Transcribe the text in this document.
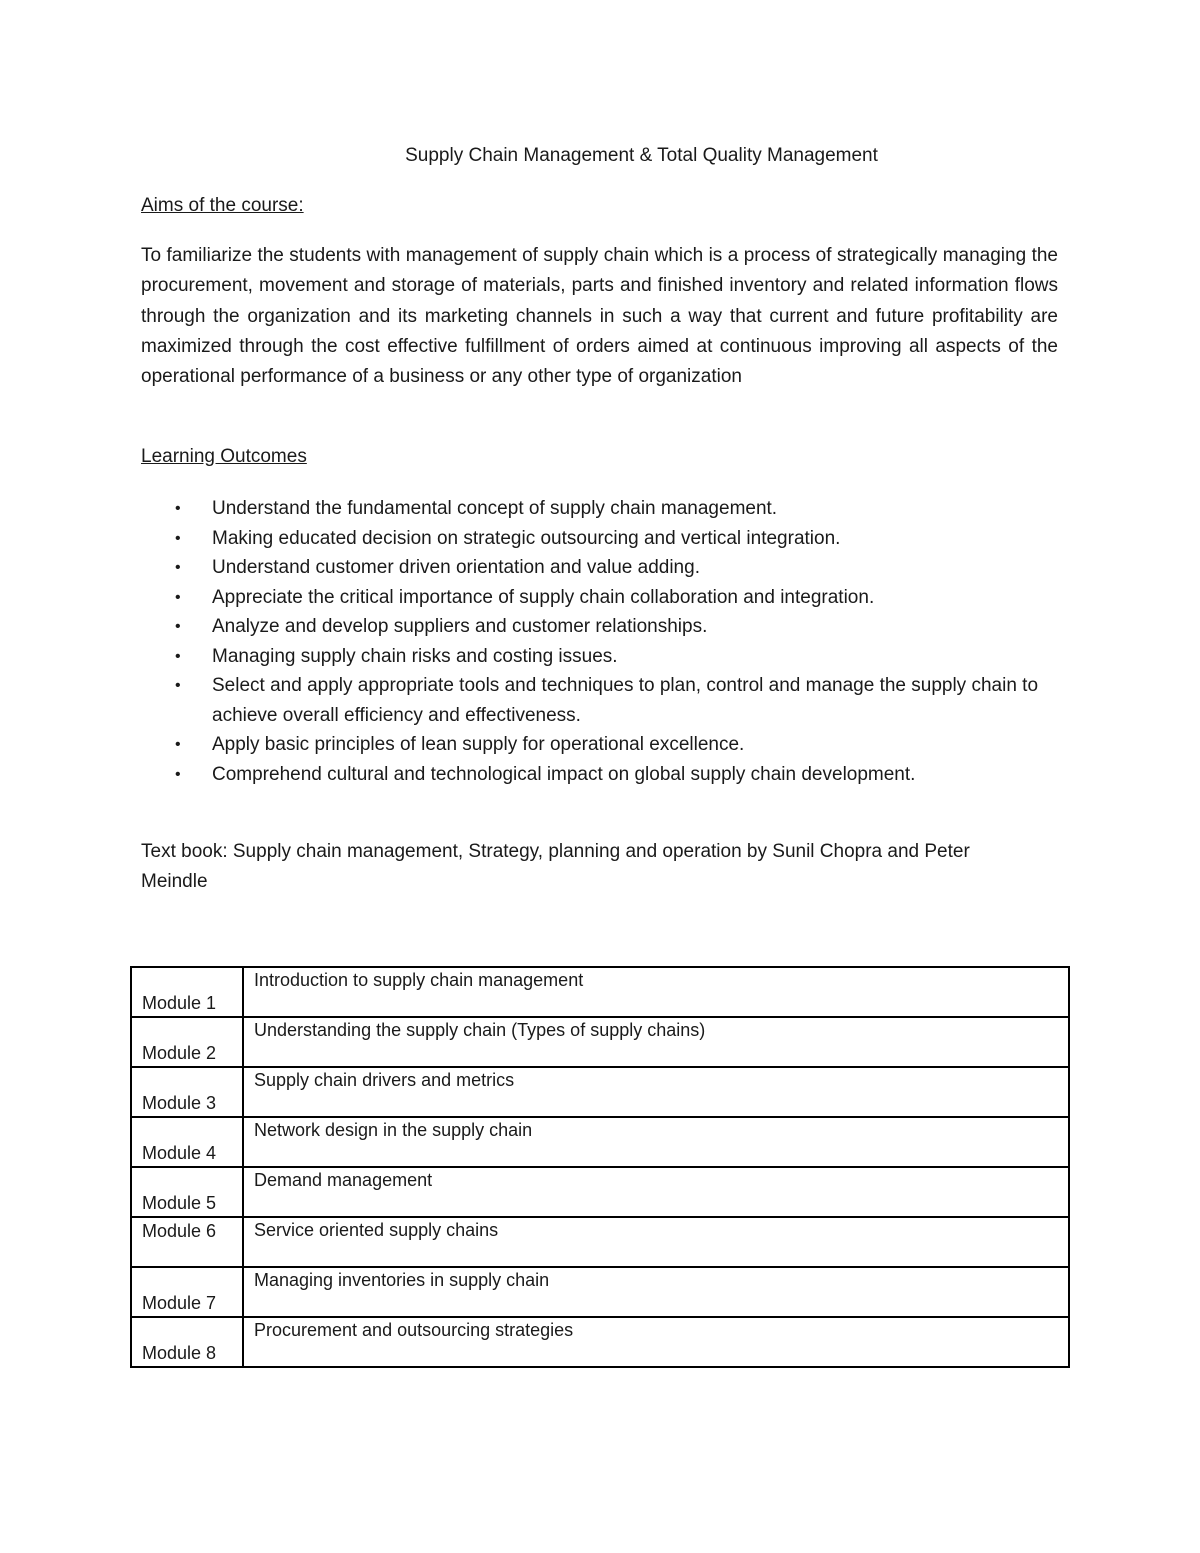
Supply Chain Management & Total Quality Management
Aims of the course:

To familiarize the students with management of supply chain which is a process of strategically managing the procurement, movement and storage of materials, parts and finished inventory and related information flows through the organization and its marketing channels in such a way that current and future profitability are maximized through the cost effective fulfillment of orders aimed at continuous improving all aspects of the operational performance of a business or any other type of organization

Learning Outcomes
• Understand the fundamental concept of supply chain management.
• Making educated decision on strategic outsourcing and vertical integration.
• Understand customer driven orientation and value adding.
• Appreciate the critical importance of supply chain collaboration and integration.
• Analyze and develop suppliers and customer relationships.
• Managing supply chain risks and costing issues.
• Select and apply appropriate tools and techniques to plan, control and manage the supply chain to achieve overall efficiency and effectiveness.
• Apply basic principles of lean supply for operational excellence.
• Comprehend cultural and technological impact on global supply chain development.

Text book: Supply chain management, Strategy, planning and operation by Sunil Chopra and Peter Meindle

Module 1	Introduction to supply chain management
Module 2	Understanding the supply chain (Types of supply chains)
Module 3	Supply chain drivers and metrics
Module 4	Network design in the supply chain
Module 5	Demand management
Module 6	Service oriented supply chains
Module 7	Managing inventories in supply chain
Module 8	Procurement and outsourcing strategies
